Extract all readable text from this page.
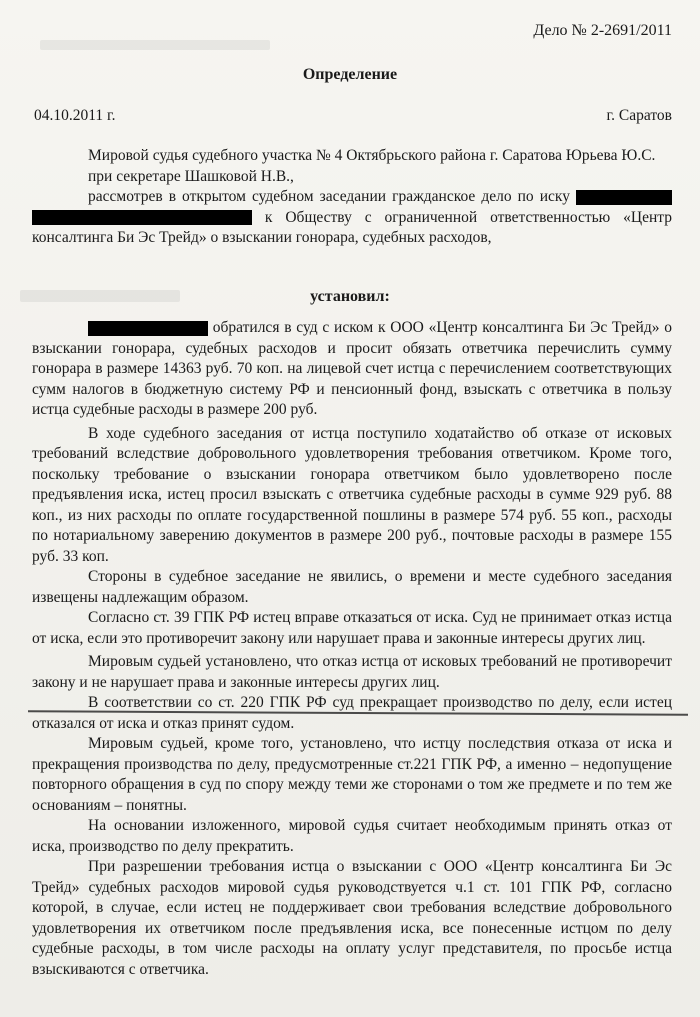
Дело № 2-2691/2011
Определение
04.10.2011 г.	г. Саратов

Мировой судья судебного участка № 4 Октябрьского района г. Саратова Юрьева Ю.С.

при секретаре Шашковой Н.В.,

рассмотрев в открытом судебном заседании гражданское дело по иску   к Обществу с ограниченной ответственностью «Центр консалтинга Би Эс Трейд» о взыскании гонорара, судебных расходов,

установил:

обратился в суд с иском к ООО «Центр консалтинга Би Эс Трейд» о взыскании гонорара, судебных расходов и просит обязать ответчика перечислить сумму гонорара в размере 14363 руб. 70 коп. на лицевой счет истца с перечислением соответствующих сумм налогов в бюджетную систему РФ и пенсионный фонд, взыскать с ответчика в пользу истца судебные расходы в размере 200 руб.

В ходе судебного заседания от истца поступило ходатайство об отказе от исковых требований вследствие добровольного удовлетворения требования ответчиком. Кроме того, поскольку требование о взыскании гонорара ответчиком было удовлетворено после предъявления иска, истец просил взыскать с ответчика судебные расходы в сумме 929 руб. 88 коп., из них расходы по оплате государственной пошлины в размере 574 руб. 55 коп., расходы по нотариальному заверению документов в размере 200 руб., почтовые расходы в размере 155 руб. 33 коп.

Стороны в судебное заседание не явились, о времени и месте судебного заседания извещены надлежащим образом.

Согласно ст. 39 ГПК РФ истец вправе отказаться от иска. Суд не принимает отказ истца от иска, если это противоречит закону или нарушает права и законные интересы других лиц.

Мировым судьей установлено, что отказ истца от исковых требований не противоречит закону и не нарушает права и законные интересы других лиц.

В соответствии со ст. 220 ГПК РФ суд прекращает производство по делу, если истец отказался от иска и отказ принят судом.

Мировым судьей, кроме того, установлено, что истцу последствия отказа от иска и прекращения производства по делу, предусмотренные ст.221 ГПК РФ, а именно – недопущение повторного обращения в суд по спору между теми же сторонами о том же предмете и по тем же основаниям – понятны.

На основании изложенного, мировой судья считает необходимым принять отказ от иска, производство по делу прекратить.

При разрешении требования истца о взыскании с ООО «Центр консалтинга Би Эс Трейд» судебных расходов мировой судья руководствуется ч.1 ст. 101 ГПК РФ, согласно которой, в случае, если истец не поддерживает свои требования вследствие добровольного удовлетворения их ответчиком после предъявления иска, все понесенные истцом по делу судебные расходы, в том числе расходы на оплату услуг представителя, по просьбе истца взыскиваются с ответчика.
